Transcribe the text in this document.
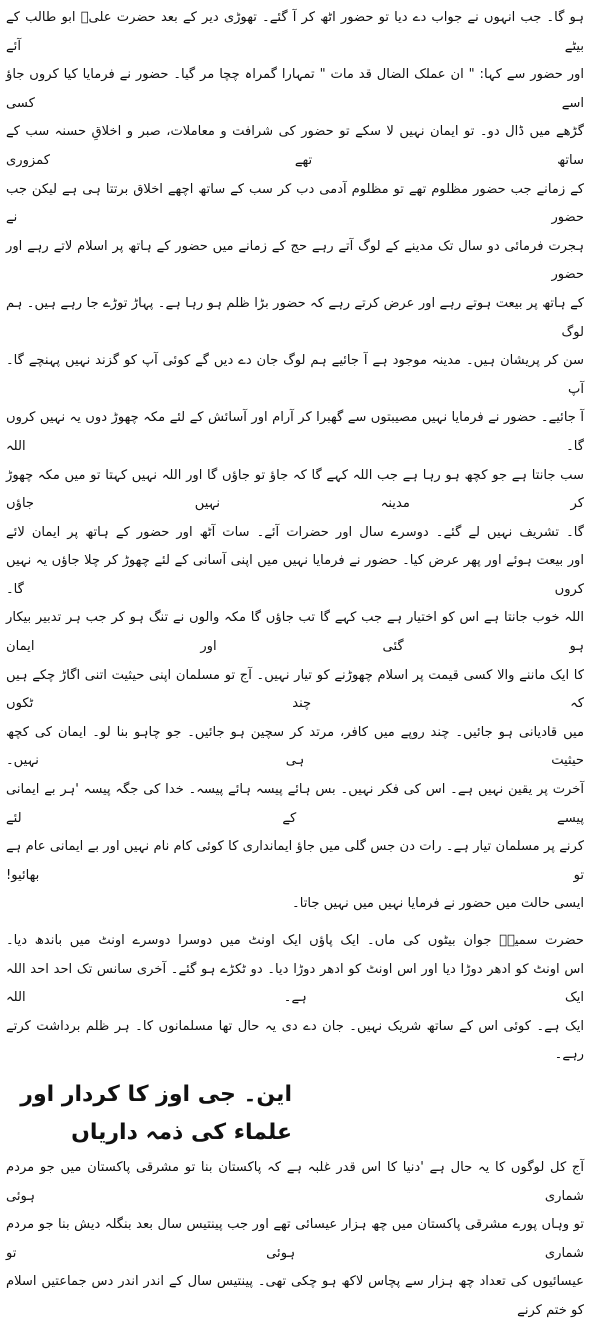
ہو گا۔ جب انہوں نے جواب دے دیا تو حضور اٹھ کر آ گئے۔ تھوڑی دیر کے بعد حضرت علیؓ ابو طالب کے بیٹے آئے
اور حضور سے کہا: " ان عملک الضال قد مات " تمہارا گمراہ چچا مر گیا۔ حضور نے فرمایا کیا کروں جاؤ اسے کسی
گڑھے میں ڈال دو۔ تو ایمان نہیں لا سکے تو حضور کی شرافت و معاملات، صبر و اخلاقِ حسنہ سب کے ساتھ تھے کمزوری
کے زمانے جب حضور مظلوم تھے تو مظلوم آدمی دب کر سب کے ساتھ اچھے اخلاق برتتا ہی ہے لیکن جب حضور نے
ہجرت فرمائی دو سال تک مدینے کے لوگ آتے رہے حج کے زمانے میں حضور کے ہاتھ پر اسلام لاتے رہے اور حضور
کے ہاتھ پر بیعت ہوتے رہے اور عرض کرتے رہے کہ حضور بڑا ظلم ہو رہا ہے۔ پہاڑ توڑے جا رہے ہیں۔ ہم لوگ
سن کر پریشان ہیں۔ مدینہ موجود ہے آ جائیے ہم لوگ جان دے دیں گے کوئی آپ کو گزند نہیں پہنچے گا۔ آپ
آ جائیے۔ حضور نے فرمایا نہیں مصیبتوں سے گھبرا کر آرام اور آسائش کے لئے مکہ چھوڑ دوں یہ نہیں کروں گا۔ اللہ
سب جانتا ہے جو کچھ ہو رہا ہے جب اللہ کہے گا کہ جاؤ تو جاؤں گا اور اللہ نہیں کہتا تو میں مکہ چھوڑ کر مدینہ نہیں جاؤں
گا۔ تشریف نہیں لے گئے۔ دوسرے سال اور حضرات آئے۔ سات آٹھ اور حضور کے ہاتھ پر ایمان لائے
اور بیعت ہوئے اور پھر عرض کیا۔ حضور نے فرمایا نہیں میں اپنی آسانی کے لئے چھوڑ کر چلا جاؤں یہ نہیں کروں گا۔
اللہ خوب جانتا ہے اس کو اختیار ہے جب کہے گا تب جاؤں گا مکہ والوں نے تنگ ہو کر جب ہر تدبیر بیکار ہو گئی اور ایمان
کا ایک ماننے والا کسی قیمت پر اسلام چھوڑنے کو تیار نہیں۔ آج تو مسلمان اپنی حیثیت اتنی اگاڑ چکے ہیں کہ چند ٹکوں
میں قادیانی ہو جائیں۔ چند روپے میں کافر، مرتد کر سچین ہو جائیں۔ جو چاہو بنا لو۔ ایمان کی کچھ حیثیت ہی نہیں۔
آخرت پر یقین نہیں ہے۔ اس کی فکر نہیں۔ بس ہائے پیسہ ہائے پیسہ۔ خدا کی جگہ پیسہ 'ہر بے ایمانی پیسے کے لئے
کرنے پر مسلمان تیار ہے۔ رات دن جس گلی میں جاؤ ایمانداری کا کوئی کام نام نہیں اور بے ایمانی عام ہے تو بھائیو!
ایسی حالت میں حضور نے فرمایا نہیں میں نہیں جاتا۔
حضرت سمیہؓ جوان بیٹوں کی ماں۔ ایک پاؤں ایک اونٹ میں دوسرا دوسرے اونٹ میں باندھ دیا۔
اس اونٹ کو ادھر دوڑا دیا اور اس اونٹ کو ادھر دوڑا دیا۔ دو ٹکڑے ہو گئے۔ آخری سانس تک احد احد اللہ ایک ہے۔ اللہ
ایک ہے۔ کوئی اس کے ساتھ شریک نہیں۔ جان دے دی یہ حال تھا مسلمانوں کا۔ ہر ظلم برداشت کرتے رہے۔
این۔ جی اوز کا کردار اور علماء کی ذمہ داریاں
آج کل لوگوں کا یہ حال ہے 'دنیا کا اس قدر غلبہ ہے کہ پاکستان بنا تو مشرقی پاکستان میں جو مردم شماری ہوئی
تو وہاں پورے مشرقی پاکستان میں چھ ہزار عیسائی تھے اور جب پینتیس سال بعد بنگلہ دیش بنا جو مردم شماری ہوئی تو
عیسائیوں کی تعداد چھ ہزار سے پچاس لاکھ ہو چکی تھی۔ پینتیس سال کے اندر اندر دس جماعتیں اسلام کو ختم کرنے
